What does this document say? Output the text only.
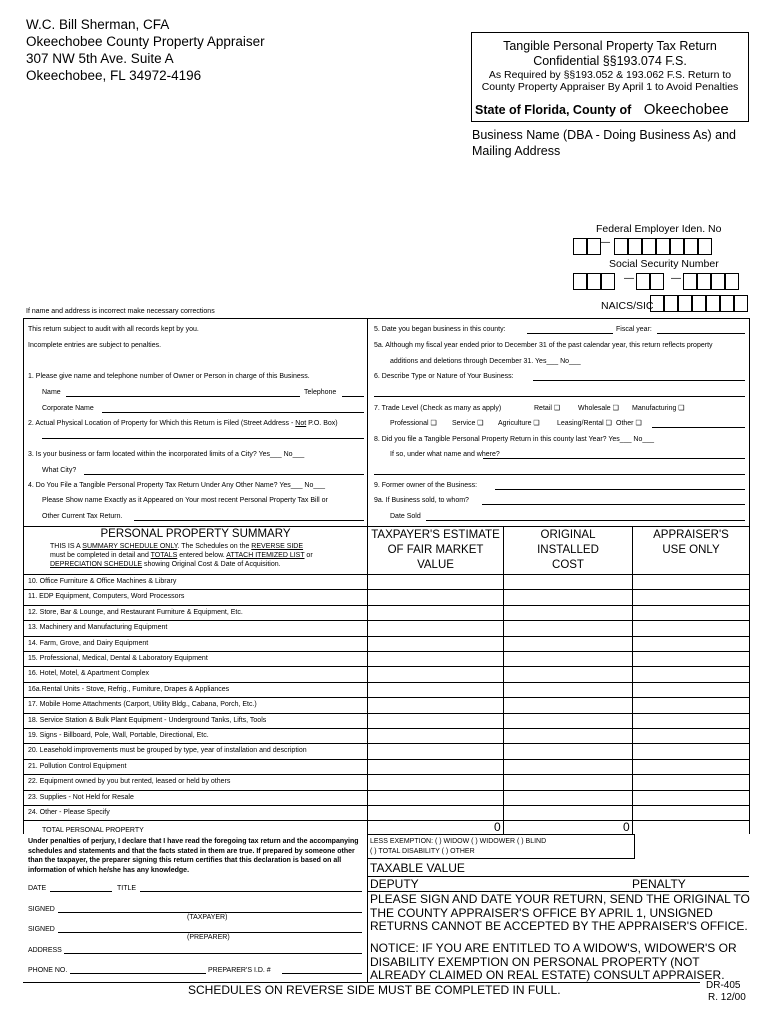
W.C. Bill Sherman, CFA
Okeechobee County Property Appraiser
307 NW 5th Ave. Suite A
Okeechobee, FL 34972-4196
Tangible Personal Property Tax Return
Confidential §§193.074 F.S.
As Required by §§193.052 & 193.062 F.S. Return to
County Property Appraiser By April 1 to Avoid Penalties
State of Florida, County of Okeechobee
Business Name (DBA - Doing Business As) and
Mailing Address
Federal Employer Iden. No
—
Social Security Number
—	—
NAICS/SIC
If name and address is incorrect make necessary corrections
This return subject to audit with all records kept by you.
Incomplete entries are subject to penalties.
1. Please give name and telephone number of Owner or Person in charge of this Business.
Name	Telephone
Corporate Name
2. Actual Physical Location of Property for Which this Return is Filed (Street Address - Not P.O. Box)
3. Is your business or farm located within the incorporated limits of a City? Yes___ No___
What City?
4. Do You File a Tangible Personal Property Tax Return Under Any Other Name? Yes___ No___
Please Show name Exactly as it Appeared on Your most recent Personal Property Tax Bill or
Other Current Tax Return.
5. Date you began business in this county:	Fiscal year:
5a. Although my fiscal year ended prior to December 31 of the past calendar year, this return reflects property
additions and deletions through December 31. Yes___ No___
6. Describe Type or Nature of Your Business:
7. Trade Level (Check as many as apply)	Retail ❑	Wholesale ❑ Manufacturing ❑
Professional ❑ Service ❑ Agriculture ❑ Leasing/Rental ❑ Other ❑
8. Did you file a Tangible Personal Property Return in this county last Year? Yes___ No___
If so, under what name and where?
9. Former owner of the Business:
9a. If Business sold, to whom?
Date Sold
PERSONAL PROPERTY SUMMARY
THIS IS A SUMMARY SCHEDULE ONLY. The Schedules on the REVERSE SIDE
must be completed in detail and TOTALS entered below. ATTACH ITEMIZED LIST or
DEPRECIATION SCHEDULE showing Original Cost & Date of Acquisition.
TAXPAYER'S ESTIMATE
OF FAIR MARKET
VALUE
ORIGINAL
INSTALLED
COST
APPRAISER'S
USE ONLY
10. Office Furniture & Office Machines & Library
11. EDP Equipment, Computers, Word Processors
12. Store, Bar & Lounge, and Restaurant Furniture & Equipment, Etc.
13. Machinery and Manufacturing Equipment
14. Farm, Grove, and Dairy Equipment
15. Professional, Medical, Dental & Laboratory Equipment
16. Hotel, Motel, & Apartment Complex
16a.Rental Units - Stove, Refrig., Furniture, Drapes & Appliances
17. Mobile Home Attachments (Carport, Utility Bldg., Cabana, Porch, Etc.)
18. Service Station & Bulk Plant Equipment - Underground Tanks, Lifts, Tools
19. Signs - Billboard, Pole, Wall, Portable, Directional, Etc.
20. Leasehold improvements must be grouped by type, year of installation and description
21. Pollution Control Equipment
22. Equipment owned by you but rented, leased or held by others
23. Supplies - Not Held for Resale
24. Other - Please Specify
TOTAL PERSONAL PROPERTY	0	0
Under penalties of perjury, I declare that I have read the foregoing tax return and the accompanying schedules and statements and that the facts stated in them are true. If prepared by someone other than the taxpayer, the preparer signing this return certifies that this declaration is based on all information of which he/she has any knowledge.
DATE	TITLE
SIGNED
(TAXPAYER)
SIGNED
(PREPARER)
ADDRESS
PHONE NO.	PREPARER'S I.D. #
LESS EXEMPTION: ( ) WIDOW ( ) WIDOWER ( ) BLIND
( ) TOTAL DISABILITY ( ) OTHER
TAXABLE VALUE
DEPUTY	PENALTY
PLEASE SIGN AND DATE YOUR RETURN, SEND THE ORIGINAL TO THE COUNTY APPRAISER'S OFFICE BY APRIL 1, UNSIGNED RETURNS CANNOT BE ACCEPTED BY THE APPRAISER'S OFFICE.
NOTICE: IF YOU ARE ENTITLED TO A WIDOW'S, WIDOWER'S OR DISABILITY EXEMPTION ON PERSONAL PROPERTY (NOT ALREADY CLAIMED ON REAL ESTATE) CONSULT APPRAISER.
SCHEDULES ON REVERSE SIDE MUST BE COMPLETED IN FULL.	DR-405
R. 12/00
